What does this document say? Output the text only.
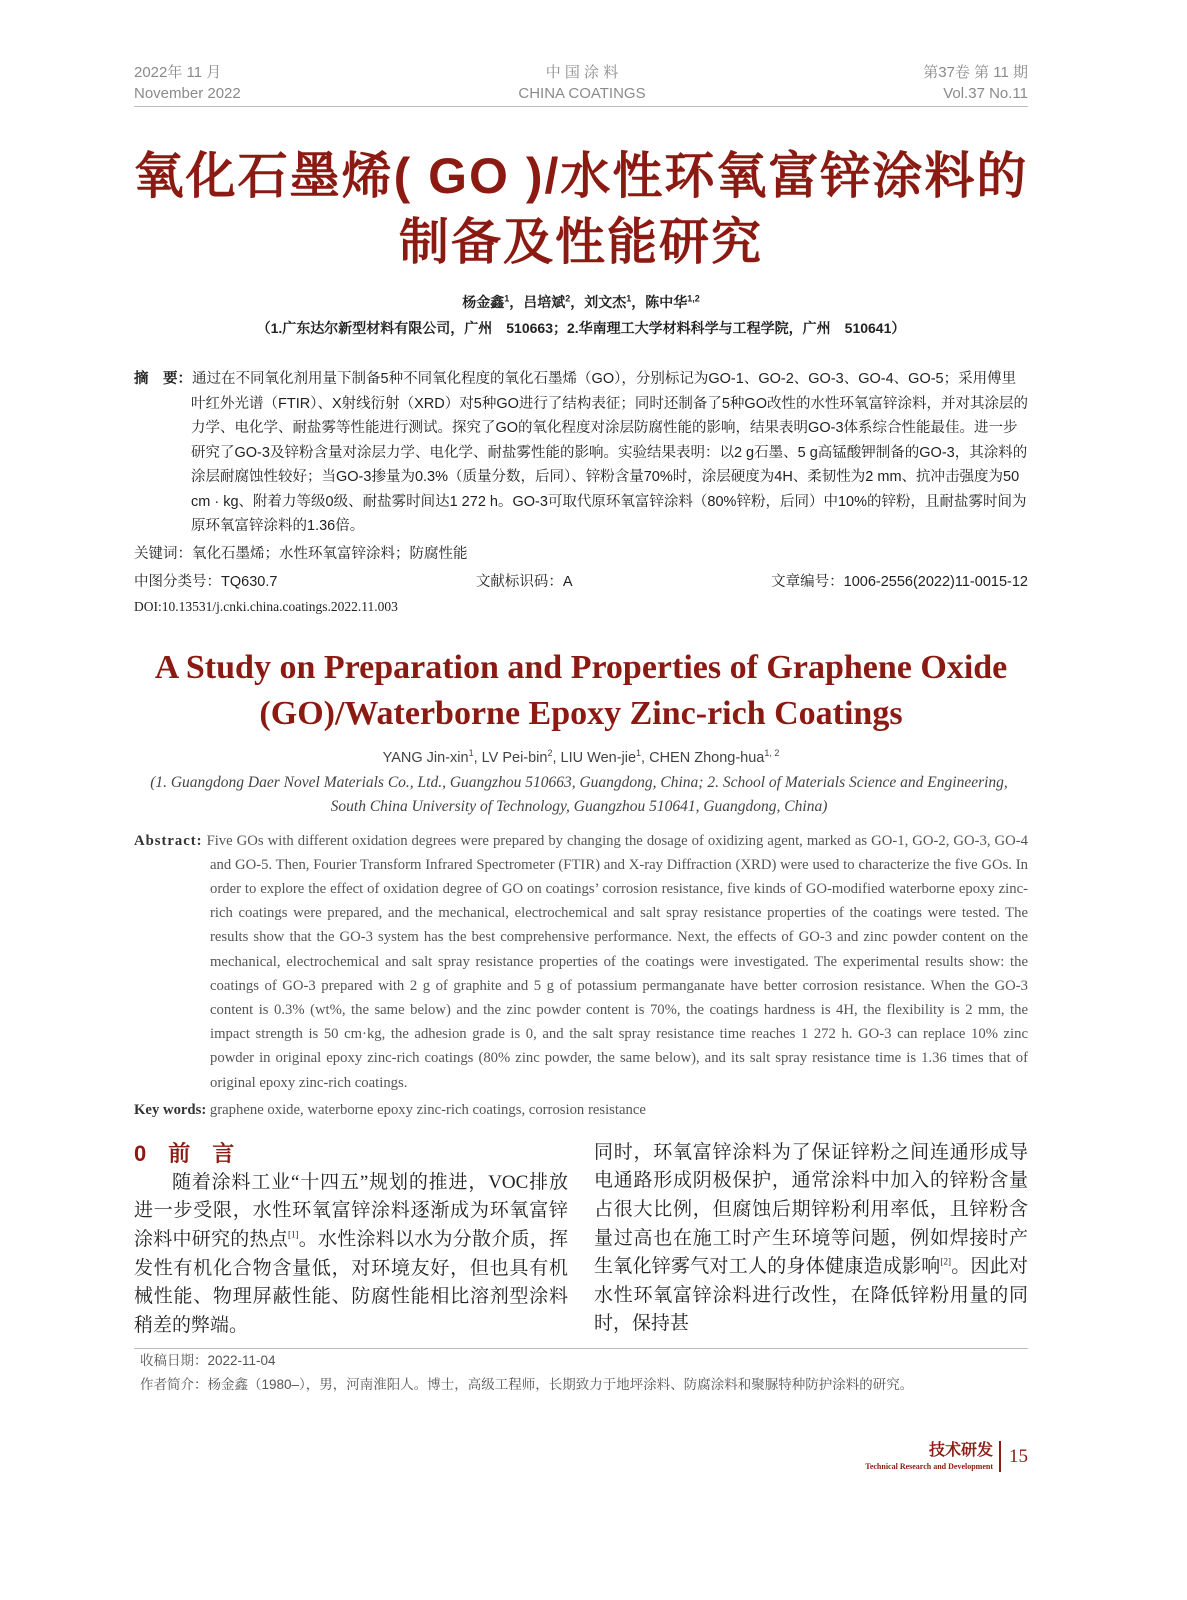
2022年 11 月
November 2022
中 国 涂 料
CHINA COATINGS
第37卷 第 11 期
Vol.37 No.11
氧化石墨烯( GO )/水性环氧富锌涂料的
制备及性能研究
杨金鑫$^1$，吕培斌$^2$，刘文杰$^1$，陈中华$^{1,2}$
（1.广东达尔新型材料有限公司，广州　510663；2.华南理工大学材料科学与工程学院，广州　510641）
摘　要：通过在不同氧化剂用量下制备5种不同氧化程度的氧化石墨烯（GO），分别标记为GO-1、GO-2、GO-3、GO-4、GO-5；采用傅里叶红外光谱（FTIR）、X射线衍射（XRD）对5种GO进行了结构表征；同时还制备了5种GO改性的水性环氧富锌涂料，并对其涂层的力学、电化学、耐盐雾等性能进行测试。探究了GO的氧化程度对涂层防腐性能的影响，结果表明GO-3体系综合性能最佳。进一步研究了GO-3及锌粉含量对涂层力学、电化学、耐盐雾性能的影响。实验结果表明：以2 g石墨、5 g高锰酸钾制备的GO-3，其涂料的涂层耐腐蚀性较好；当GO-3掺量为0.3%（质量分数，后同）、锌粉含量70%时，涂层硬度为4H、柔韧性为2 mm、抗冲击强度为50 cm · kg、附着力等级0级、耐盐雾时间达1 272 h。GO-3可取代原环氧富锌涂料（80%锌粉，后同）中10%的锌粉，且耐盐雾时间为原环氧富锌涂料的1.36倍。
关键词：氧化石墨烯；水性环氧富锌涂料；防腐性能
中图分类号：TQ630.7	文献标识码：A	文章编号：1006-2556(2022)11-0015-12
DOI:10.13531/j.cnki.china.coatings.2022.11.003
A Study on Preparation and Properties of Graphene Oxide
(GO)/Waterborne Epoxy Zinc-rich Coatings
YANG Jin-xin$^1$, LV Pei-bin$^2$, LIU Wen-jie$^1$, CHEN Zhong-hua$^{1, 2}$
(1. Guangdong Daer Novel Materials Co., Ltd., Guangzhou 510663, Guangdong, China; 2. School of Materials Science and Engineering, South China University of Technology, Guangzhou 510641, Guangdong, China)
Abstract: Five GOs with different oxidation degrees were prepared by changing the dosage of oxidizing agent, marked as GO-1, GO-2, GO-3, GO-4 and GO-5. Then, Fourier Transform Infrared Spectrometer (FTIR) and X-ray Diffraction (XRD) were used to characterize the five GOs. In order to explore the effect of oxidation degree of GO on coatings’ corrosion resistance, five kinds of GO-modified waterborne epoxy zinc-rich coatings were prepared, and the mechanical, electrochemical and salt spray resistance properties of the coatings were tested. The results show that the GO-3 system has the best comprehensive performance. Next, the effects of GO-3 and zinc powder content on the mechanical, electrochemical and salt spray resistance properties of the coatings were investigated. The experimental results show: the coatings of GO-3 prepared with 2 g of graphite and 5 g of potassium permanganate have better corrosion resistance. When the GO-3 content is 0.3% (wt%, the same below) and the zinc powder content is 70%, the coatings hardness is 4H, the flexibility is 2 mm, the impact strength is 50 cm·kg, the adhesion grade is 0, and the salt spray resistance time reaches 1 272 h. GO-3 can replace 10% zinc powder in original epoxy zinc-rich coatings (80% zinc powder, the same below), and its salt spray resistance time is 1.36 times that of original epoxy zinc-rich coatings.
Key words: graphene oxide, waterborne epoxy zinc-rich coatings, corrosion resistance
0　前　言
随着涂料工业“十四五”规划的推进，VOC排放进一步受限，水性环氧富锌涂料逐渐成为环氧富锌涂料中研究的热点[1]。水性涂料以水为分散介质，挥发性有机化合物含量低，对环境友好，但也具有机械性能、物理屏蔽性能、防腐性能相比溶剂型涂料稍差的弊端。
同时，环氧富锌涂料为了保证锌粉之间连通形成导电通路形成阴极保护，通常涂料中加入的锌粉含量占很大比例，但腐蚀后期锌粉利用率低，且锌粉含量过高也在施工时产生环境等问题，例如焊接时产生氧化锌雾气对工人的身体健康造成影响[2]。因此对水性环氧富锌涂料进行改性，在降低锌粉用量的同时，保持甚
收稿日期：2022-11-04
作者简介：杨金鑫（1980–），男，河南淮阳人。博士，高级工程师，长期致力于地坪涂料、防腐涂料和聚脲特种防护涂料的研究。
技术研发
Technical Research and Development 15
